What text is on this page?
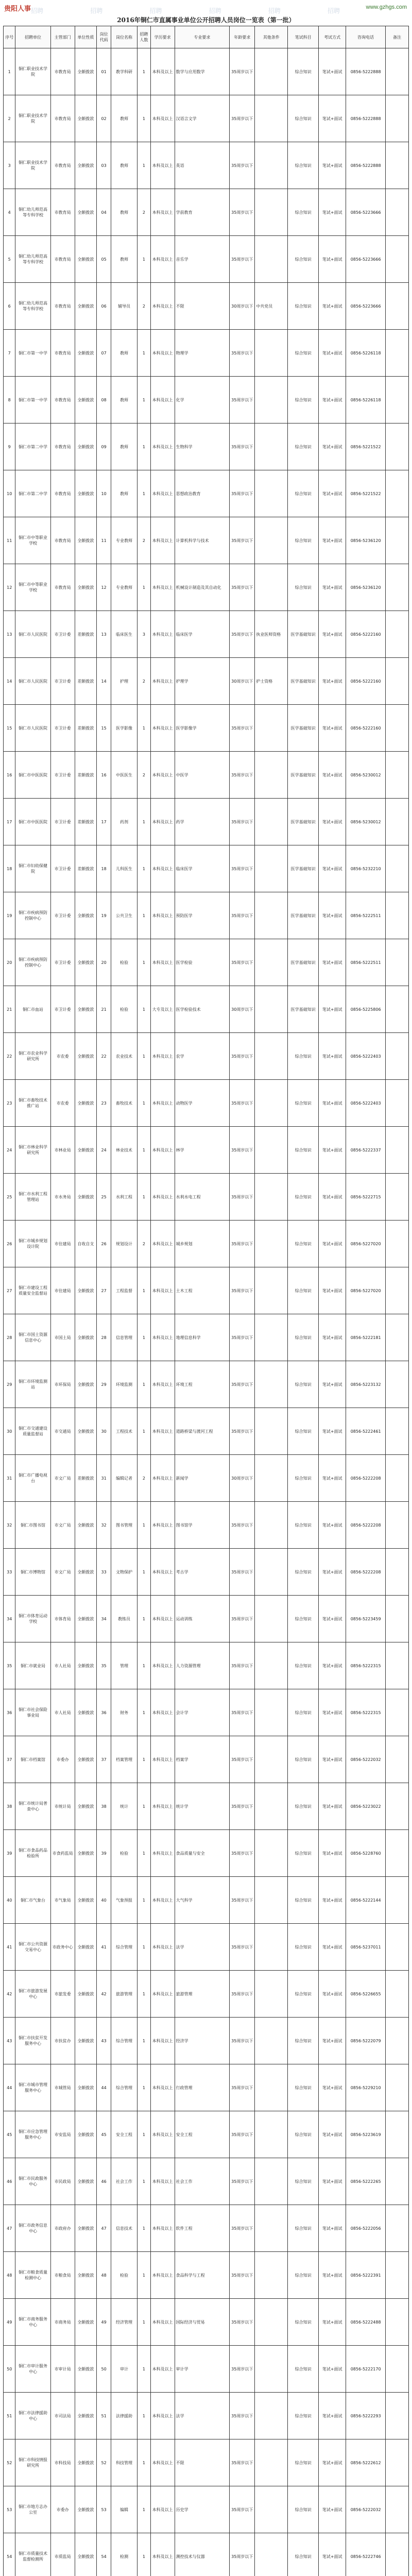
贵阳人事 招聘	招聘	招聘	招聘	招聘	招聘	www.gzhgs.com
2016年铜仁市直属事业单位公开招聘人员岗位一览表（第一批）
序号	招聘单位	主管部门	单位性质	岗位代码	岗位名称	招聘人数	学历要求	专业要求	年龄要求	其他条件	笔试科目	考试方式	咨询电话	备注
1	铜仁职业技术学院	市教育局	全额拨款	01	教学科研	1	本科及以上	数学与应用数学	35周岁以下		综合知识	笔试+面试	0856-5222888	
2	铜仁职业技术学院	市教育局	全额拨款	02	教师	1	本科及以上	汉语言文学	35周岁以下		综合知识	笔试+面试	0856-5222888	
3	铜仁职业技术学院	市教育局	全额拨款	03	教师	1	本科及以上	英语	35周岁以下		综合知识	笔试+面试	0856-5222888	
4	铜仁幼儿师范高等专科学校	市教育局	全额拨款	04	教师	2	本科及以上	学前教育	35周岁以下		综合知识	笔试+面试	0856-5223666	
5	铜仁幼儿师范高等专科学校	市教育局	全额拨款	05	教师	1	本科及以上	音乐学	35周岁以下		综合知识	笔试+面试	0856-5223666	
6	铜仁幼儿师范高等专科学校	市教育局	全额拨款	06	辅导员	2	本科及以上	不限	30周岁以下	中共党员	综合知识	笔试+面试	0856-5223666	
7	铜仁市第一中学	市教育局	全额拨款	07	教师	1	本科及以上	物理学	35周岁以下		综合知识	笔试+面试	0856-5226118	
8	铜仁市第一中学	市教育局	全额拨款	08	教师	1	本科及以上	化学	35周岁以下		综合知识	笔试+面试	0856-5226118	
9	铜仁市第二中学	市教育局	全额拨款	09	教师	1	本科及以上	生物科学	35周岁以下		综合知识	笔试+面试	0856-5221522	
10	铜仁市第二中学	市教育局	全额拨款	10	教师	1	本科及以上	思想政治教育	35周岁以下		综合知识	笔试+面试	0856-5221522	
11	铜仁市中等职业学校	市教育局	全额拨款	11	专业教师	2	本科及以上	计算机科学与技术	35周岁以下		综合知识	笔试+面试	0856-5236120	
12	铜仁市中等职业学校	市教育局	全额拨款	12	专业教师	1	本科及以上	机械设计制造及其自动化	35周岁以下		综合知识	笔试+面试	0856-5236120	
13	铜仁市人民医院	市卫计委	差额拨款	13	临床医生	3	本科及以上	临床医学	35周岁以下	执业医师资格	医学基础知识	笔试+面试	0856-5222160	
14	铜仁市人民医院	市卫计委	差额拨款	14	护理	2	本科及以上	护理学	30周岁以下	护士资格	医学基础知识	笔试+面试	0856-5222160	
15	铜仁市人民医院	市卫计委	差额拨款	15	医学影像	1	本科及以上	医学影像学	35周岁以下		医学基础知识	笔试+面试	0856-5222160	
16	铜仁市中医医院	市卫计委	差额拨款	16	中医医生	2	本科及以上	中医学	35周岁以下		医学基础知识	笔试+面试	0856-5230012	
17	铜仁市中医医院	市卫计委	差额拨款	17	药剂	1	本科及以上	药学	35周岁以下		医学基础知识	笔试+面试	0856-5230012	
18	铜仁市妇幼保健院	市卫计委	差额拨款	18	儿科医生	1	本科及以上	临床医学	35周岁以下		医学基础知识	笔试+面试	0856-5232210	
19	铜仁市疾病预防控制中心	市卫计委	全额拨款	19	公共卫生	1	本科及以上	预防医学	35周岁以下		医学基础知识	笔试+面试	0856-5222511	
20	铜仁市疾病预防控制中心	市卫计委	全额拨款	20	检验	1	本科及以上	医学检验	35周岁以下		医学基础知识	笔试+面试	0856-5222511	
21	铜仁市血站	市卫计委	全额拨款	21	检验	1	大专及以上	医学检验技术	30周岁以下		医学基础知识	笔试+面试	0856-5225806	
22	铜仁市农业科学研究所	市农委	全额拨款	22	农业技术	1	本科及以上	农学	35周岁以下		综合知识	笔试+面试	0856-5222403	
23	铜仁市畜牧技术推广站	市农委	全额拨款	23	畜牧技术	1	本科及以上	动物医学	35周岁以下		综合知识	笔试+面试	0856-5222403	
24	铜仁市林业科学研究所	市林业局	全额拨款	24	林业技术	1	本科及以上	林学	35周岁以下		综合知识	笔试+面试	0856-5222337	
25	铜仁市水利工程管理站	市水务局	全额拨款	25	水利工程	1	本科及以上	水利水电工程	35周岁以下		综合知识	笔试+面试	0856-5222715	
26	铜仁市城乡规划设计院	市住建局	自收自支	26	规划设计	2	本科及以上	城乡规划	35周岁以下		综合知识	笔试+面试	0856-5227020	
27	铜仁市建设工程质量安全监督站	市住建局	全额拨款	27	工程监督	1	本科及以上	土木工程	35周岁以下		综合知识	笔试+面试	0856-5227020	
28	铜仁市国土资源信息中心	市国土局	全额拨款	28	信息管理	1	本科及以上	地理信息科学	35周岁以下		综合知识	笔试+面试	0856-5222181	
29	铜仁市环境监测站	市环保局	全额拨款	29	环境监测	1	本科及以上	环境工程	35周岁以下		综合知识	笔试+面试	0856-5223132	
30	铜仁市交通建设质量监督站	市交通局	全额拨款	30	工程技术	1	本科及以上	道路桥梁与渡河工程	35周岁以下		综合知识	笔试+面试	0856-5222461	
31	铜仁市广播电视台	市文广局	差额拨款	31	编辑记者	2	本科及以上	新闻学	30周岁以下		综合知识	笔试+面试	0856-5222208	
32	铜仁市图书馆	市文广局	全额拨款	32	图书管理	1	本科及以上	图书馆学	35周岁以下		综合知识	笔试+面试	0856-5222208	
33	铜仁市博物馆	市文广局	全额拨款	33	文物保护	1	本科及以上	考古学	35周岁以下		综合知识	笔试+面试	0856-5222208	
34	铜仁市体育运动学校	市体育局	全额拨款	34	教练员	1	本科及以上	运动训练	35周岁以下		综合知识	笔试+面试	0856-5223459	
35	铜仁市就业局	市人社局	全额拨款	35	管理	1	本科及以上	人力资源管理	35周岁以下		综合知识	笔试+面试	0856-5222315	
36	铜仁市社会保险事业局	市人社局	全额拨款	36	财务	1	本科及以上	会计学	35周岁以下		综合知识	笔试+面试	0856-5222315	
37	铜仁市档案馆	市委办	全额拨款	37	档案管理	1	本科及以上	档案学	35周岁以下		综合知识	笔试+面试	0856-5222032	
38	铜仁市统计局普查中心	市统计局	全额拨款	38	统计	1	本科及以上	统计学	35周岁以下		综合知识	笔试+面试	0856-5223022	
39	铜仁市食品药品检验所	市食药监局	全额拨款	39	检验	1	本科及以上	食品质量与安全	35周岁以下		综合知识	笔试+面试	0856-5228760	
40	铜仁市气象台	市气象局	全额拨款	40	气象预报	1	本科及以上	大气科学	35周岁以下		综合知识	笔试+面试	0856-5222144	
41	铜仁市公共资源交易中心	市政务中心	全额拨款	41	综合管理	1	本科及以上	法学	35周岁以下		综合知识	笔试+面试	0856-5237011	
42	铜仁市旅游发展中心	市旅发委	全额拨款	42	旅游管理	1	本科及以上	旅游管理	35周岁以下		综合知识	笔试+面试	0856-5226655	
43	铜仁市扶贫开发服务中心	市扶贫办	全额拨款	43	综合管理	1	本科及以上	经济学	35周岁以下		综合知识	笔试+面试	0856-5222079	
44	铜仁市城市管理服务中心	市城管局	全额拨款	44	综合管理	1	本科及以上	行政管理	35周岁以下		综合知识	笔试+面试	0856-5229210	
45	铜仁市应急管理服务中心	市安监局	全额拨款	45	安全工程	1	本科及以上	安全工程	35周岁以下		综合知识	笔试+面试	0856-5223619	
46	铜仁市民政服务中心	市民政局	全额拨款	46	社会工作	1	本科及以上	社会工作	35周岁以下		综合知识	笔试+面试	0856-5222265	
47	铜仁市政务信息中心	市政府办	全额拨款	47	信息技术	1	本科及以上	软件工程	35周岁以下		综合知识	笔试+面试	0856-5222056	
48	铜仁市粮食质量检测中心	市粮食局	全额拨款	48	检验	1	本科及以上	食品科学与工程	35周岁以下		综合知识	笔试+面试	0856-5222391	
49	铜仁市商务服务中心	市商务局	全额拨款	49	经济管理	1	本科及以上	国际经济与贸易	35周岁以下		综合知识	笔试+面试	0856-5222488	
50	铜仁市审计服务中心	市审计局	全额拨款	50	审计	1	本科及以上	审计学	35周岁以下		综合知识	笔试+面试	0856-5222170	
51	铜仁市法律援助中心	市司法局	全额拨款	51	法律援助	1	本科及以上	法学	35周岁以下		综合知识	笔试+面试	0856-5222293	
52	铜仁市科技情报研究所	市科技局	全额拨款	52	科技管理	1	本科及以上	不限	35周岁以下		综合知识	笔试+面试	0856-5222612	
53	铜仁市地方志办公室	市委办	全额拨款	53	编辑	1	本科及以上	历史学	35周岁以下		综合知识	笔试+面试	0856-5222032	
54	铜仁市质量技术监督检测所	市质监局	全额拨款	54	检测	1	本科及以上	测控技术与仪器	35周岁以下		综合知识	笔试+面试	0856-5222746	
